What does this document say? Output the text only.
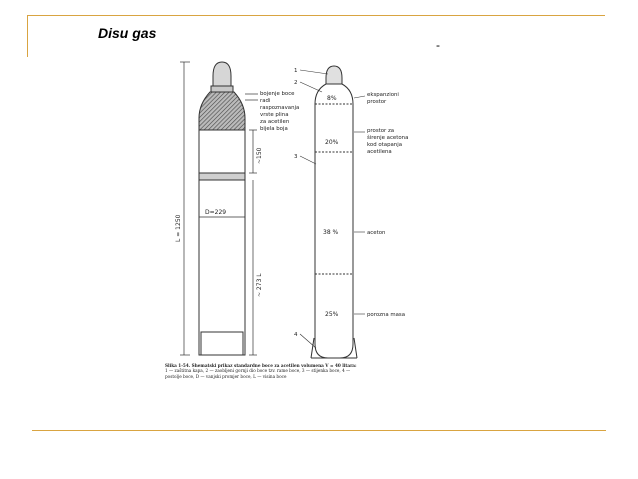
Disu gas
-
L = 1250
~150
D=229
~ 273 L
bojenje boce
radi
raspoznavanja
vrste plina
za acetilen
bijela boja
1
2
3
4
8%
20%
38 %
25%
ekspanzioni
prostor
prostor za
širenje acetona
kod otapanja
acetilena
aceton
porozna masa
Slika 1-54. Shematski prikaz standardne boce za acetilen volumena V = 40 litara:
1 — zaštitna kapa, 2 — zaobljeni gornji dio boce tzv. rame boce, 3 — stijenka boce, 4 —
postolje boce, D — vanjski promjer boce, L — visina boce
